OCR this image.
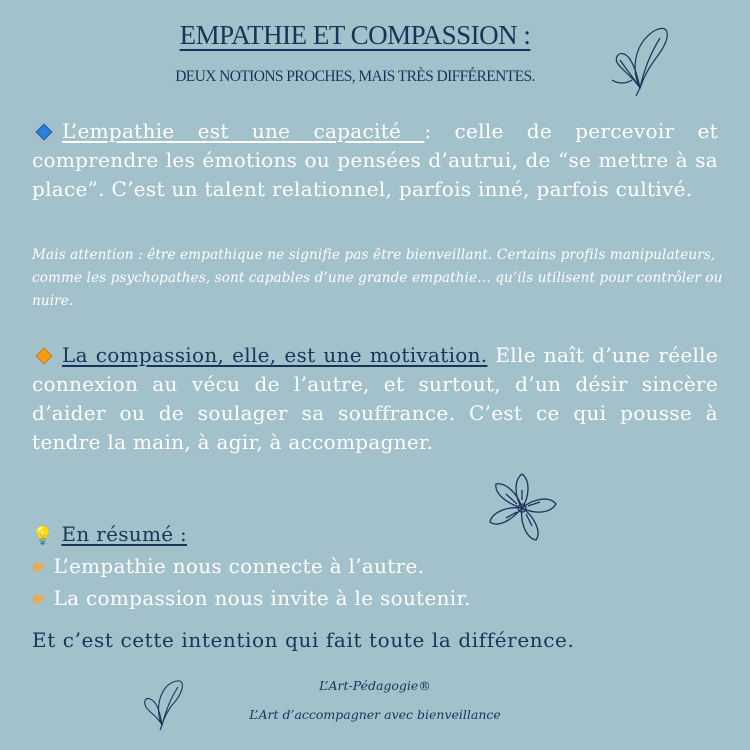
EMPATHIE ET COMPASSION :
DEUX NOTIONS PROCHES, MAIS TRÈS DIFFÉRENTES.
L’empathie est une capacité : celle de percevoir et comprendre les émotions ou pensées d’autrui, de “se mettre à sa place”. C’est un talent relationnel, parfois inné, parfois cultivé.
Mais attention : être empathique ne signifie pas être bienveillant. Certains profils manipulateurs, comme les psychopathes, sont capables d’une grande empathie… qu’ils utilisent pour contrôler ou nuire.
La compassion, elle, est une motivation. Elle naît d’une réelle connexion au vécu de l’autre, et surtout, d’un désir sincère d’aider ou de soulager sa souffrance. C’est ce qui pousse à tendre la main, à agir, à accompagner.
💡 En résumé :
☛ L’empathie nous connecte à l’autre.
☛ La compassion nous invite à le soutenir.
Et c’est cette intention qui fait toute la différence.
L’Art-Pédagogie®
L’Art d’accompagner avec bienveillance
